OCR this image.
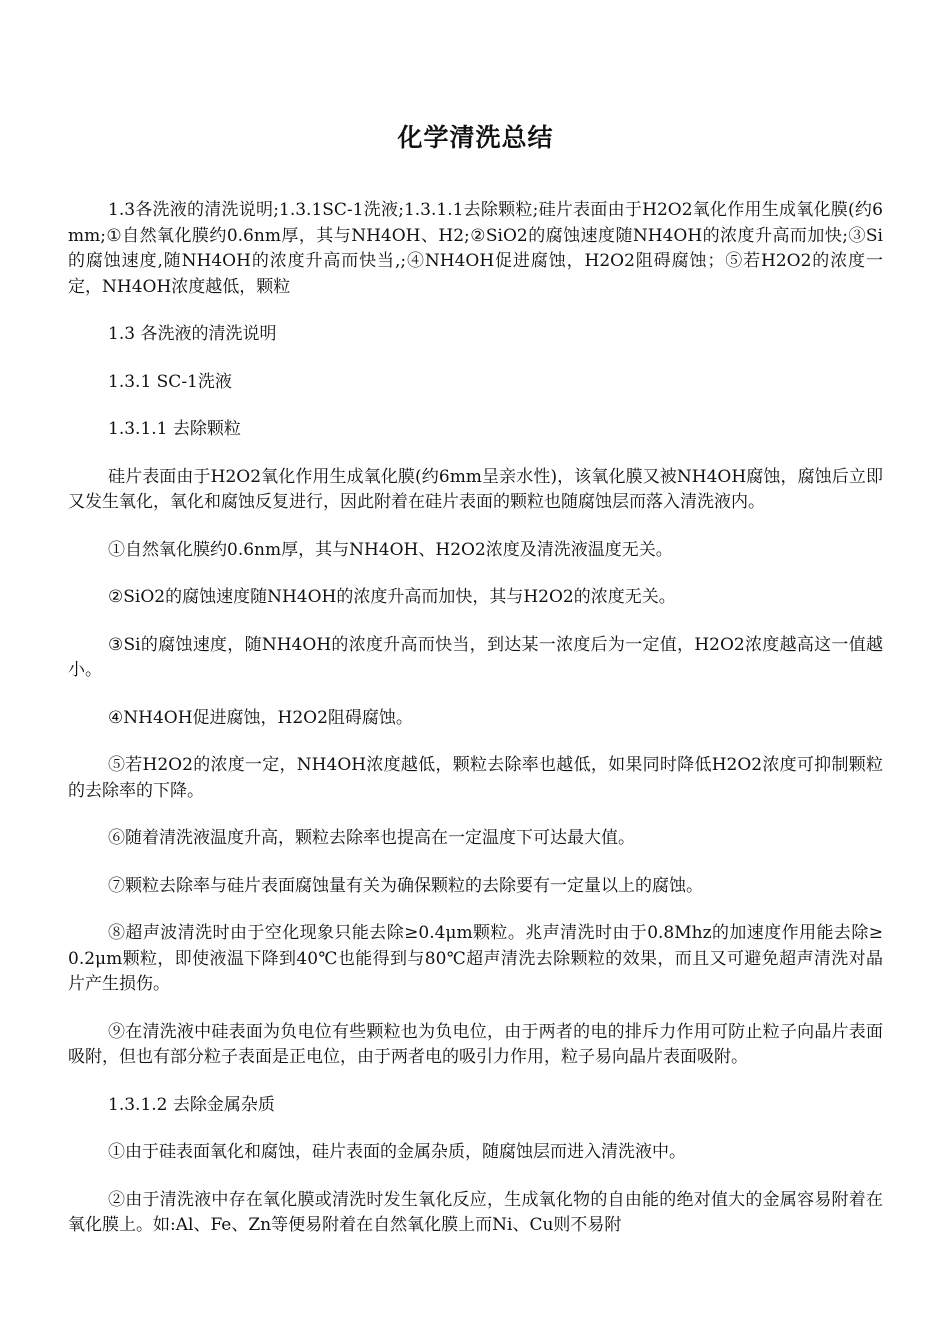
化学清洗总结

1.3各洗液的清洗说明;1.3.1SC-1洗液;1.3.1.1去除颗粒;硅片表面由于H2O2氧化作用生成氧化膜(约6mm;①自然氧化膜约0.6nm厚，其与NH4OH、H2;②SiO2的腐蚀速度随NH4OH的浓度升高而加快;③Si的腐蚀速度,随NH4OH的浓度升高而快当,;④NH4OH促进腐蚀，H2O2阻碍腐蚀；⑤若H2O2的浓度一定，NH4OH浓度越低，颗粒

1.3 各洗液的清洗说明

1.3.1 SC-1洗液

1.3.1.1 去除颗粒

硅片表面由于H2O2氧化作用生成氧化膜(约6mm呈亲水性)，该氧化膜又被NH4OH腐蚀，腐蚀后立即又发生氧化，氧化和腐蚀反复进行，因此附着在硅片表面的颗粒也随腐蚀层而落入清洗液内。

①自然氧化膜约0.6nm厚，其与NH4OH、H2O2浓度及清洗液温度无关。

②SiO2的腐蚀速度随NH4OH的浓度升高而加快，其与H2O2的浓度无关。

③Si的腐蚀速度，随NH4OH的浓度升高而快当，到达某一浓度后为一定值，H2O2浓度越高这一值越小。

④NH4OH促进腐蚀，H2O2阻碍腐蚀。

⑤若H2O2的浓度一定，NH4OH浓度越低，颗粒去除率也越低，如果同时降低H2O2浓度可抑制颗粒的去除率的下降。

⑥随着清洗液温度升高，颗粒去除率也提高在一定温度下可达最大值。

⑦颗粒去除率与硅片表面腐蚀量有关为确保颗粒的去除要有一定量以上的腐蚀。

⑧超声波清洗时由于空化现象只能去除≥0.4μm颗粒。兆声清洗时由于0.8Mhz的加速度作用能去除≥0.2μm颗粒，即使液温下降到40℃也能得到与80℃超声清洗去除颗粒的效果，而且又可避免超声清洗对晶片产生损伤。

⑨在清洗液中硅表面为负电位有些颗粒也为负电位，由于两者的电的排斥力作用可防止粒子向晶片表面吸附，但也有部分粒子表面是正电位，由于两者电的吸引力作用，粒子易向晶片表面吸附。

1.3.1.2 去除金属杂质

①由于硅表面氧化和腐蚀，硅片表面的金属杂质，随腐蚀层而进入清洗液中。

②由于清洗液中存在氧化膜或清洗时发生氧化反应，生成氧化物的自由能的绝对值大的金属容易附着在氧化膜上。如:Al、Fe、Zn等便易附着在自然氧化膜上而Ni、Cu则不易附
